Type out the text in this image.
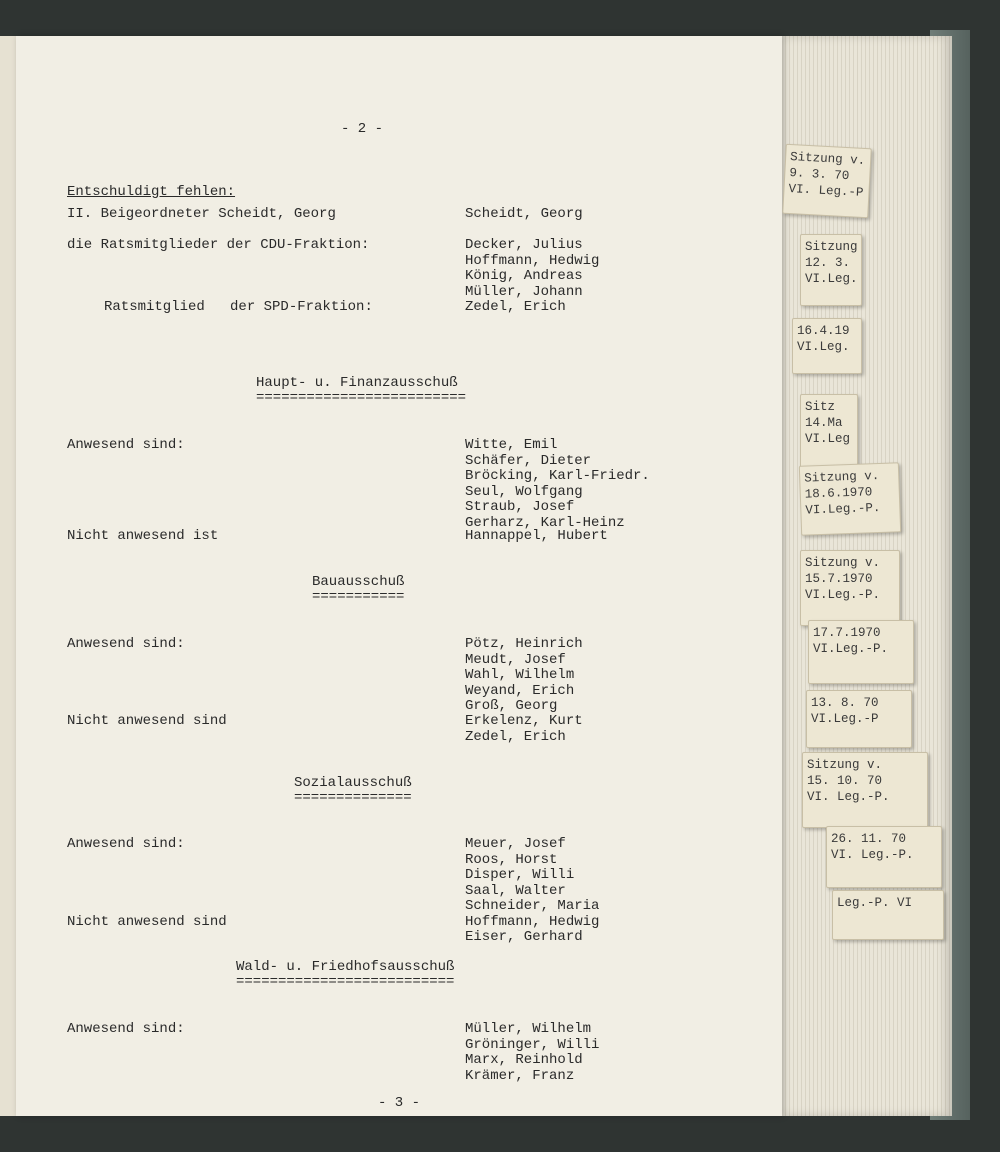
- 2 -
Entschuldigt fehlen:
II. Beigeordneter Scheidt, Georg	Scheidt, Georg
die Ratsmitglieder der CDU-Fraktion:	Decker, Julius
Hoffmann, Hedwig
König, Andreas
Müller, Johann
Ratsmitglied   der SPD-Fraktion:	Zedel, Erich
Haupt- u. Finanzausschuß
=========================
Anwesend sind:	Witte, Emil
Schäfer, Dieter
Bröcking, Karl-Friedr.
Seul, Wolfgang
Straub, Josef
Gerharz, Karl-Heinz
Nicht anwesend ist	Hannappel, Hubert
Bauausschuß
===========
Anwesend sind:	Pötz, Heinrich
Meudt, Josef
Wahl, Wilhelm
Weyand, Erich
Groß, Georg
Nicht anwesend sind	Erkelenz, Kurt
Zedel, Erich
Sozialausschuß
==============
Anwesend sind:	Meuer, Josef
Roos, Horst
Disper, Willi
Saal, Walter
Schneider, Maria
Nicht anwesend sind	Hoffmann, Hedwig
Eiser, Gerhard
Wald- u. Friedhofsausschuß
==========================
Anwesend sind:	Müller, Wilhelm
Gröninger, Willi
Marx, Reinhold
Krämer, Franz
- 3 -
Sitzung v.
9. 3. 70
VI. Leg.-P
Sitzung
12. 3.
VI.Leg.
16.4.19
VI.Leg.
Sitz
14.Ma
VI.Leg
Sitzung v.
18.6.1970
VI.Leg.-P.
Sitzung v.
15.7.1970
VI.Leg.-P.
17.7.1970
VI.Leg.-P.
13. 8. 70
VI.Leg.-P
Sitzung v.
15. 10. 70
VI. Leg.-P.
26. 11. 70
VI. Leg.-P.
Leg.-P. VI
